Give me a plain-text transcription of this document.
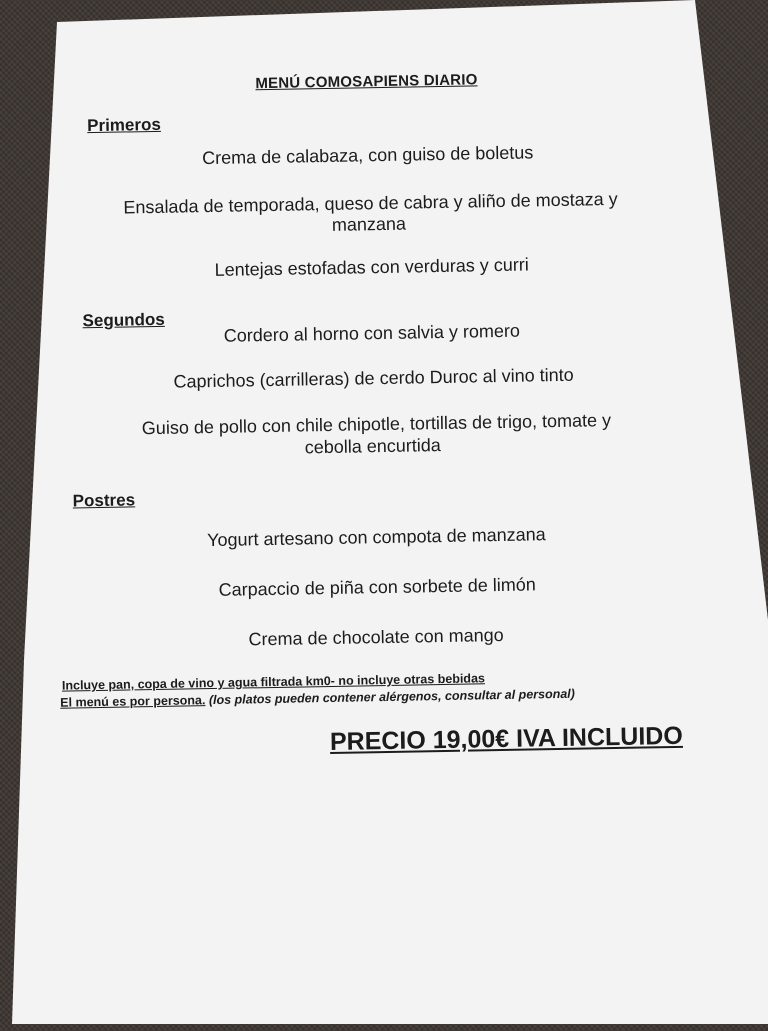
MENÚ COMOSAPIENS DIARIO
Primeros
Crema de calabaza, con guiso de boletus
Ensalada de temporada, queso de cabra y aliño de mostaza y
manzana
Lentejas estofadas con verduras y curri
Segundos
Cordero al horno con salvia y romero
Caprichos (carrilleras) de cerdo Duroc al vino tinto
Guiso de pollo con chile chipotle, tortillas de trigo, tomate y
cebolla encurtida
Postres
Yogurt artesano con compota de manzana
Carpaccio de piña con sorbete de limón
Crema de chocolate con mango
Incluye pan, copa de vino y agua filtrada km0- no incluye otras bebidas
El menú es por persona. (los platos pueden contener alérgenos, consultar al personal)
PRECIO 19,00€ IVA INCLUIDO
